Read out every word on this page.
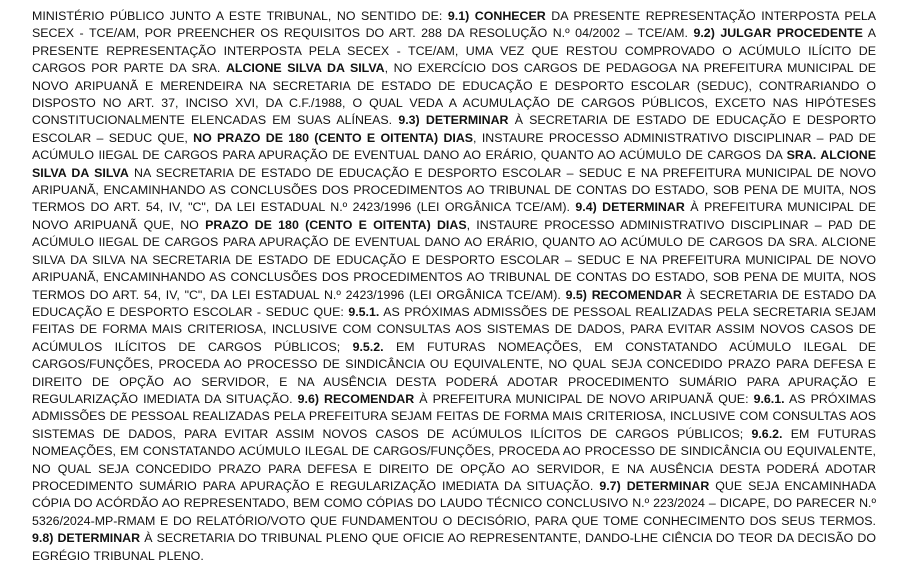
MINISTÉRIO PÚBLICO JUNTO A ESTE TRIBUNAL, NO SENTIDO DE: 9.1) CONHECER DA PRESENTE REPRESENTAÇÃO INTERPOSTA PELA SECEX - TCE/AM, POR PREENCHER OS REQUISITOS DO ART. 288 DA RESOLUÇÃO N.º 04/2002 – TCE/AM. 9.2) JULGAR PROCEDENTE A PRESENTE REPRESENTAÇÃO INTERPOSTA PELA SECEX - TCE/AM, UMA VEZ QUE RESTOU COMPROVADO O ACÚMULO ILÍCITO DE CARGOS POR PARTE DA SRA. ALCIONE SILVA DA SILVA, NO EXERCÍCIO DOS CARGOS DE PEDAGOGA NA PREFEITURA MUNICIPAL DE NOVO ARIPUANÃ E MERENDEIRA NA SECRETARIA DE ESTADO DE EDUCAÇÃO E DESPORTO ESCOLAR (SEDUC), CONTRARIANDO O DISPOSTO NO ART. 37, INCISO XVI, DA C.F./1988, O QUAL VEDA A ACUMULAÇÃO DE CARGOS PÚBLICOS, EXCETO NAS HIPÓTESES CONSTITUCIONALMENTE ELENCADAS EM SUAS ALÍNEAS. 9.3) DETERMINAR À SECRETARIA DE ESTADO DE EDUCAÇÃO E DESPORTO ESCOLAR – SEDUC QUE, NO PRAZO DE 180 (CENTO E OITENTA) DIAS, INSTAURE PROCESSO ADMINISTRATIVO DISCIPLINAR – PAD DE ACÚMULO IIEGAL DE CARGOS PARA APURAÇÃO DE EVENTUAL DANO AO ERÁRIO, QUANTO AO ACÚMULO DE CARGOS DA SRA. ALCIONE SILVA DA SILVA NA SECRETARIA DE ESTADO DE EDUCAÇÃO E DESPORTO ESCOLAR – SEDUC E NA PREFEITURA MUNICIPAL DE NOVO ARIPUANÃ, ENCAMINHANDO AS CONCLUSÕES DOS PROCEDIMENTOS AO TRIBUNAL DE CONTAS DO ESTADO, SOB PENA DE MUITA, NOS TERMOS DO ART. 54, IV, "C", DA LEI ESTADUAL N.º 2423/1996 (LEI ORGÂNICA TCE/AM). 9.4) DETERMINAR À PREFEITURA MUNICIPAL DE NOVO ARIPUANÃ QUE, NO PRAZO DE 180 (CENTO E OITENTA) DIAS, INSTAURE PROCESSO ADMINISTRATIVO DISCIPLINAR – PAD DE ACÚMULO IIEGAL DE CARGOS PARA APURAÇÃO DE EVENTUAL DANO AO ERÁRIO, QUANTO AO ACÚMULO DE CARGOS DA SRA. ALCIONE SILVA DA SILVA NA SECRETARIA DE ESTADO DE EDUCAÇÃO E DESPORTO ESCOLAR – SEDUC E NA PREFEITURA MUNICIPAL DE NOVO ARIPUANÃ, ENCAMINHANDO AS CONCLUSÕES DOS PROCEDIMENTOS AO TRIBUNAL DE CONTAS DO ESTADO, SOB PENA DE MUITA, NOS TERMOS DO ART. 54, IV, "C", DA LEI ESTADUAL N.º 2423/1996 (LEI ORGÂNICA TCE/AM). 9.5) RECOMENDAR À SECRETARIA DE ESTADO DA EDUCAÇÃO E DESPORTO ESCOLAR - SEDUC QUE: 9.5.1. AS PRÓXIMAS ADMISSÕES DE PESSOAL REALIZADAS PELA SECRETARIA SEJAM FEITAS DE FORMA MAIS CRITERIOSA, INCLUSIVE COM CONSULTAS AOS SISTEMAS DE DADOS, PARA EVITAR ASSIM NOVOS CASOS DE ACÚMULOS ILÍCITOS DE CARGOS PÚBLICOS; 9.5.2. EM FUTURAS NOMEAÇÕES, EM CONSTATANDO ACÚMULO ILEGAL DE CARGOS/FUNÇÕES, PROCEDA AO PROCESSO DE SINDICÂNCIA OU EQUIVALENTE, NO QUAL SEJA CONCEDIDO PRAZO PARA DEFESA E DIREITO DE OPÇÃO AO SERVIDOR, E NA AUSÊNCIA DESTA PODERÁ ADOTAR PROCEDIMENTO SUMÁRIO PARA APURAÇÃO E REGULARIZAÇÃO IMEDIATA DA SITUAÇÃO. 9.6) RECOMENDAR À PREFEITURA MUNICIPAL DE NOVO ARIPUANÃ QUE: 9.6.1. AS PRÓXIMAS ADMISSÕES DE PESSOAL REALIZADAS PELA PREFEITURA SEJAM FEITAS DE FORMA MAIS CRITERIOSA, INCLUSIVE COM CONSULTAS AOS SISTEMAS DE DADOS, PARA EVITAR ASSIM NOVOS CASOS DE ACÚMULOS ILÍCITOS DE CARGOS PÚBLICOS; 9.6.2. EM FUTURAS NOMEAÇÕES, EM CONSTATANDO ACÚMULO ILEGAL DE CARGOS/FUNÇÕES, PROCEDA AO PROCESSO DE SINDICÂNCIA OU EQUIVALENTE, NO QUAL SEJA CONCEDIDO PRAZO PARA DEFESA E DIREITO DE OPÇÃO AO SERVIDOR, E NA AUSÊNCIA DESTA PODERÁ ADOTAR PROCEDIMENTO SUMÁRIO PARA APURAÇÃO E REGULARIZAÇÃO IMEDIATA DA SITUAÇÃO. 9.7) DETERMINAR QUE SEJA ENCAMINHADA CÓPIA DO ACÓRDÃO AO REPRESENTADO, BEM COMO CÓPIAS DO LAUDO TÉCNICO CONCLUSIVO N.º 223/2024 – DICAPE, DO PARECER N.º 5326/2024-MP-RMAM E DO RELATÓRIO/VOTO QUE FUNDAMENTOU O DECISÓRIO, PARA QUE TOME CONHECIMENTO DOS SEUS TERMOS. 9.8) DETERMINAR À SECRETARIA DO TRIBUNAL PLENO QUE OFICIE AO REPRESENTANTE, DANDO-LHE CIÊNCIA DO TEOR DA DECISÃO DO EGRÉGIO TRIBUNAL PLENO.
